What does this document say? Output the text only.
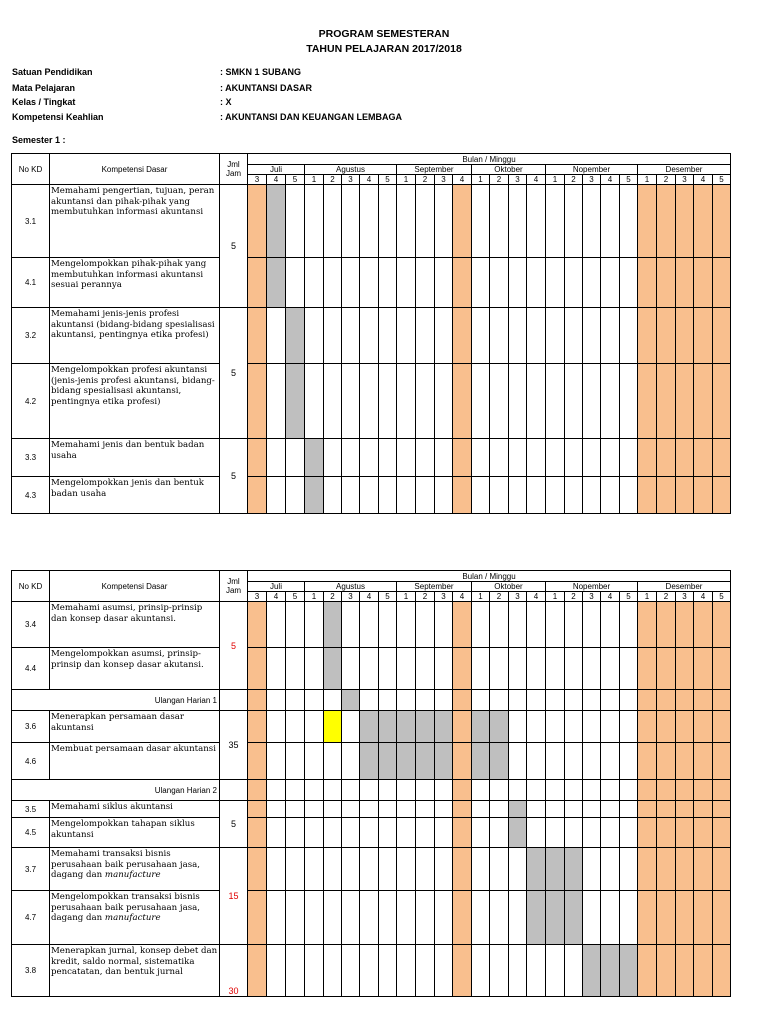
PROGRAM SEMESTERAN
TAHUN PELAJARAN 2017/2018
Satuan Pendidikan	: SMKN 1 SUBANG
Mata Pelajaran	: AKUNTANSI DASAR
Kelas / Tingkat	: X
Kompetensi Keahlian	: AKUNTANSI DAN KEUANGAN LEMBAGA
Semester 1 :
No KD	Kompetensi Dasar	Jml Jam	Bulan / Minggu																									
			Juli			Agustus					September				Oktober				Nopember					Desember				
			3	4	5	1	2	3	4	5	1	2	3	4	1	2	3	4	1	2	3	4	5	1	2	3	4	5
3.1	Memahami pengertian, tujuan, peran akuntansi dan pihak-pihak yang membutuhkan informasi akuntansi	5																										
4.1	Mengelompokkan pihak-pihak yang membutuhkan informasi akuntansi sesuai perannya																											
3.2	Memahami jenis-jenis profesi akuntansi (bidang-bidang spesialisasi akuntansi, pentingnya etika profesi)	5																										
4.2	Mengelompokkan profesi akuntansi (jenis-jenis profesi akuntansi, bidang-bidang spesialisasi akuntansi, pentingnya etika profesi)																											
3.3	Memahami jenis dan bentuk badan usaha	5																										
4.3	Mengelompokkan jenis dan bentuk badan usaha																											
No KD	Kompetensi Dasar	Jml Jam	Bulan / Minggu																									
			Juli			Agustus					September				Oktober				Nopember					Desember				
			3	4	5	1	2	3	4	5	1	2	3	4	1	2	3	4	1	2	3	4	5	1	2	3	4	5
3.4	Memahami asumsi, prinsip-prinsip dan konsep dasar akuntansi.	5																										
4.4	Mengelompokkan asumsi, prinsip-prinsip dan konsep dasar akutansi.																											
Ulangan Harian 1																												
3.6	Menerapkan persamaan dasar akuntansi	35																										
4.6	Membuat persamaan dasar akuntansi																											
Ulangan Harian 2																												
3.5	Memahami siklus akuntansi	5																										
4.5	Mengelompokkan tahapan siklus akuntansi																											
3.7	Memahami transaksi bisnis perusahaan baik perusahaan jasa, dagang dan manufacture	15																										
4.7	Mengelompokkan transaksi bisnis perusahaan baik perusahaan jasa, dagang dan manufacture																											
3.8	Menerapkan jurnal, konsep debet dan kredit, saldo normal, sistematika pencatatan, dan bentuk jurnal	30																										
